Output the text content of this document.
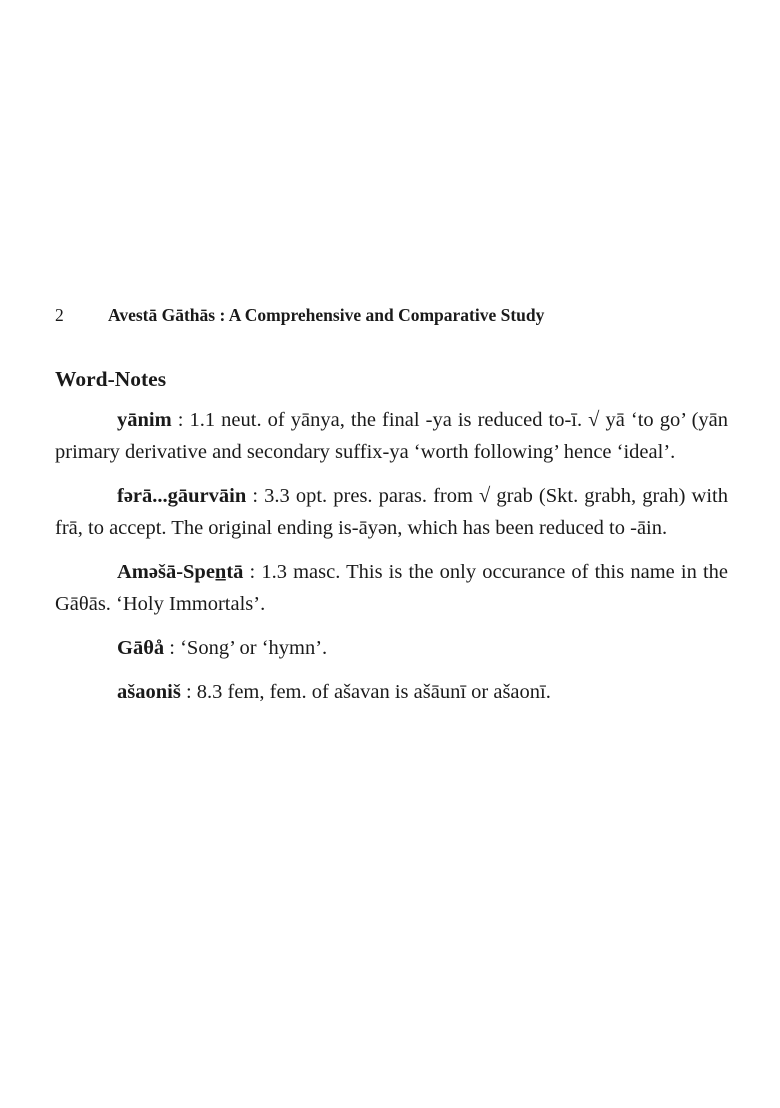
2	Avestā Gāthās : A Comprehensive and Comparative Study
Word-Notes

yānim : 1.1 neut. of yānya, the final -ya is reduced to-ī. √ yā ‘to go’ (yān primary derivative and secondary suffix-ya ‘worth following’ hence ‘ideal’.

fərā...gāurvāin : 3.3 opt. pres. paras. from √ grab (Skt. grabh, grah) with frā, to accept. The original ending is-āyən, which has been reduced to -āin.

Aməšā-Spen̲tā : 1.3 masc. This is the only occurance of this name in the Gāθās. ‘Holy Immortals’.

Gāθå : ‘Song’ or ‘hymn’.

ašaoniš : 8.3 fem, fem. of ašavan is ašāunī or ašaonī.
